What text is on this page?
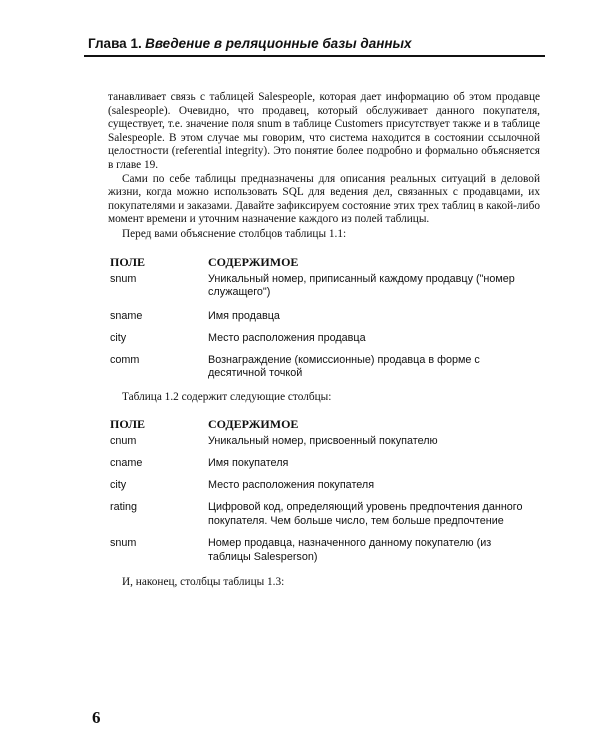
Глава 1. Введение в реляционные базы данных

танавливает связь с таблицей Salespeople, которая дает информацию об этом продавце (salespeople). Очевидно, что продавец, который обслуживает данного покупателя, существует, т.е. значение поля snum в таблице Customers присутствует также и в таблице Salespeople. В этом случае мы говорим, что система находится в состоянии ссылочной целостности (referential integrity). Это понятие более подробно и формально объясняется в главе 19.

Сами по себе таблицы предназначены для описания реальных ситуаций в деловой жизни, когда можно использовать SQL для ведения дел, связанных с продавцами, их покупателями и заказами. Давайте зафиксируем состояние этих трех таблиц в какой-либо момент времени и уточним назначение каждого из полей таблицы.

Перед вами объяснение столбцов таблицы 1.1:

ПОЛЕ	СОДЕРЖИМОЕ
snum	Уникальный номер, приписанный каждому продавцу ("номер служащего")
sname	Имя продавца
city	Место расположения продавца
comm	Вознаграждение (комиссионные) продавца в форме с десятичной точкой

Таблица 1.2 содержит следующие столбцы:

ПОЛЕ	СОДЕРЖИМОЕ
cnum	Уникальный номер, присвоенный покупателю
cname	Имя покупателя
city	Место расположения покупателя
rating	Цифровой код, определяющий уровень предпочтения данного покупателя. Чем больше число, тем больше предпочтение
snum	Номер продавца, назначенного данному покупателю (из таблицы Salesperson)

И, наконец, столбцы таблицы 1.3:

6
